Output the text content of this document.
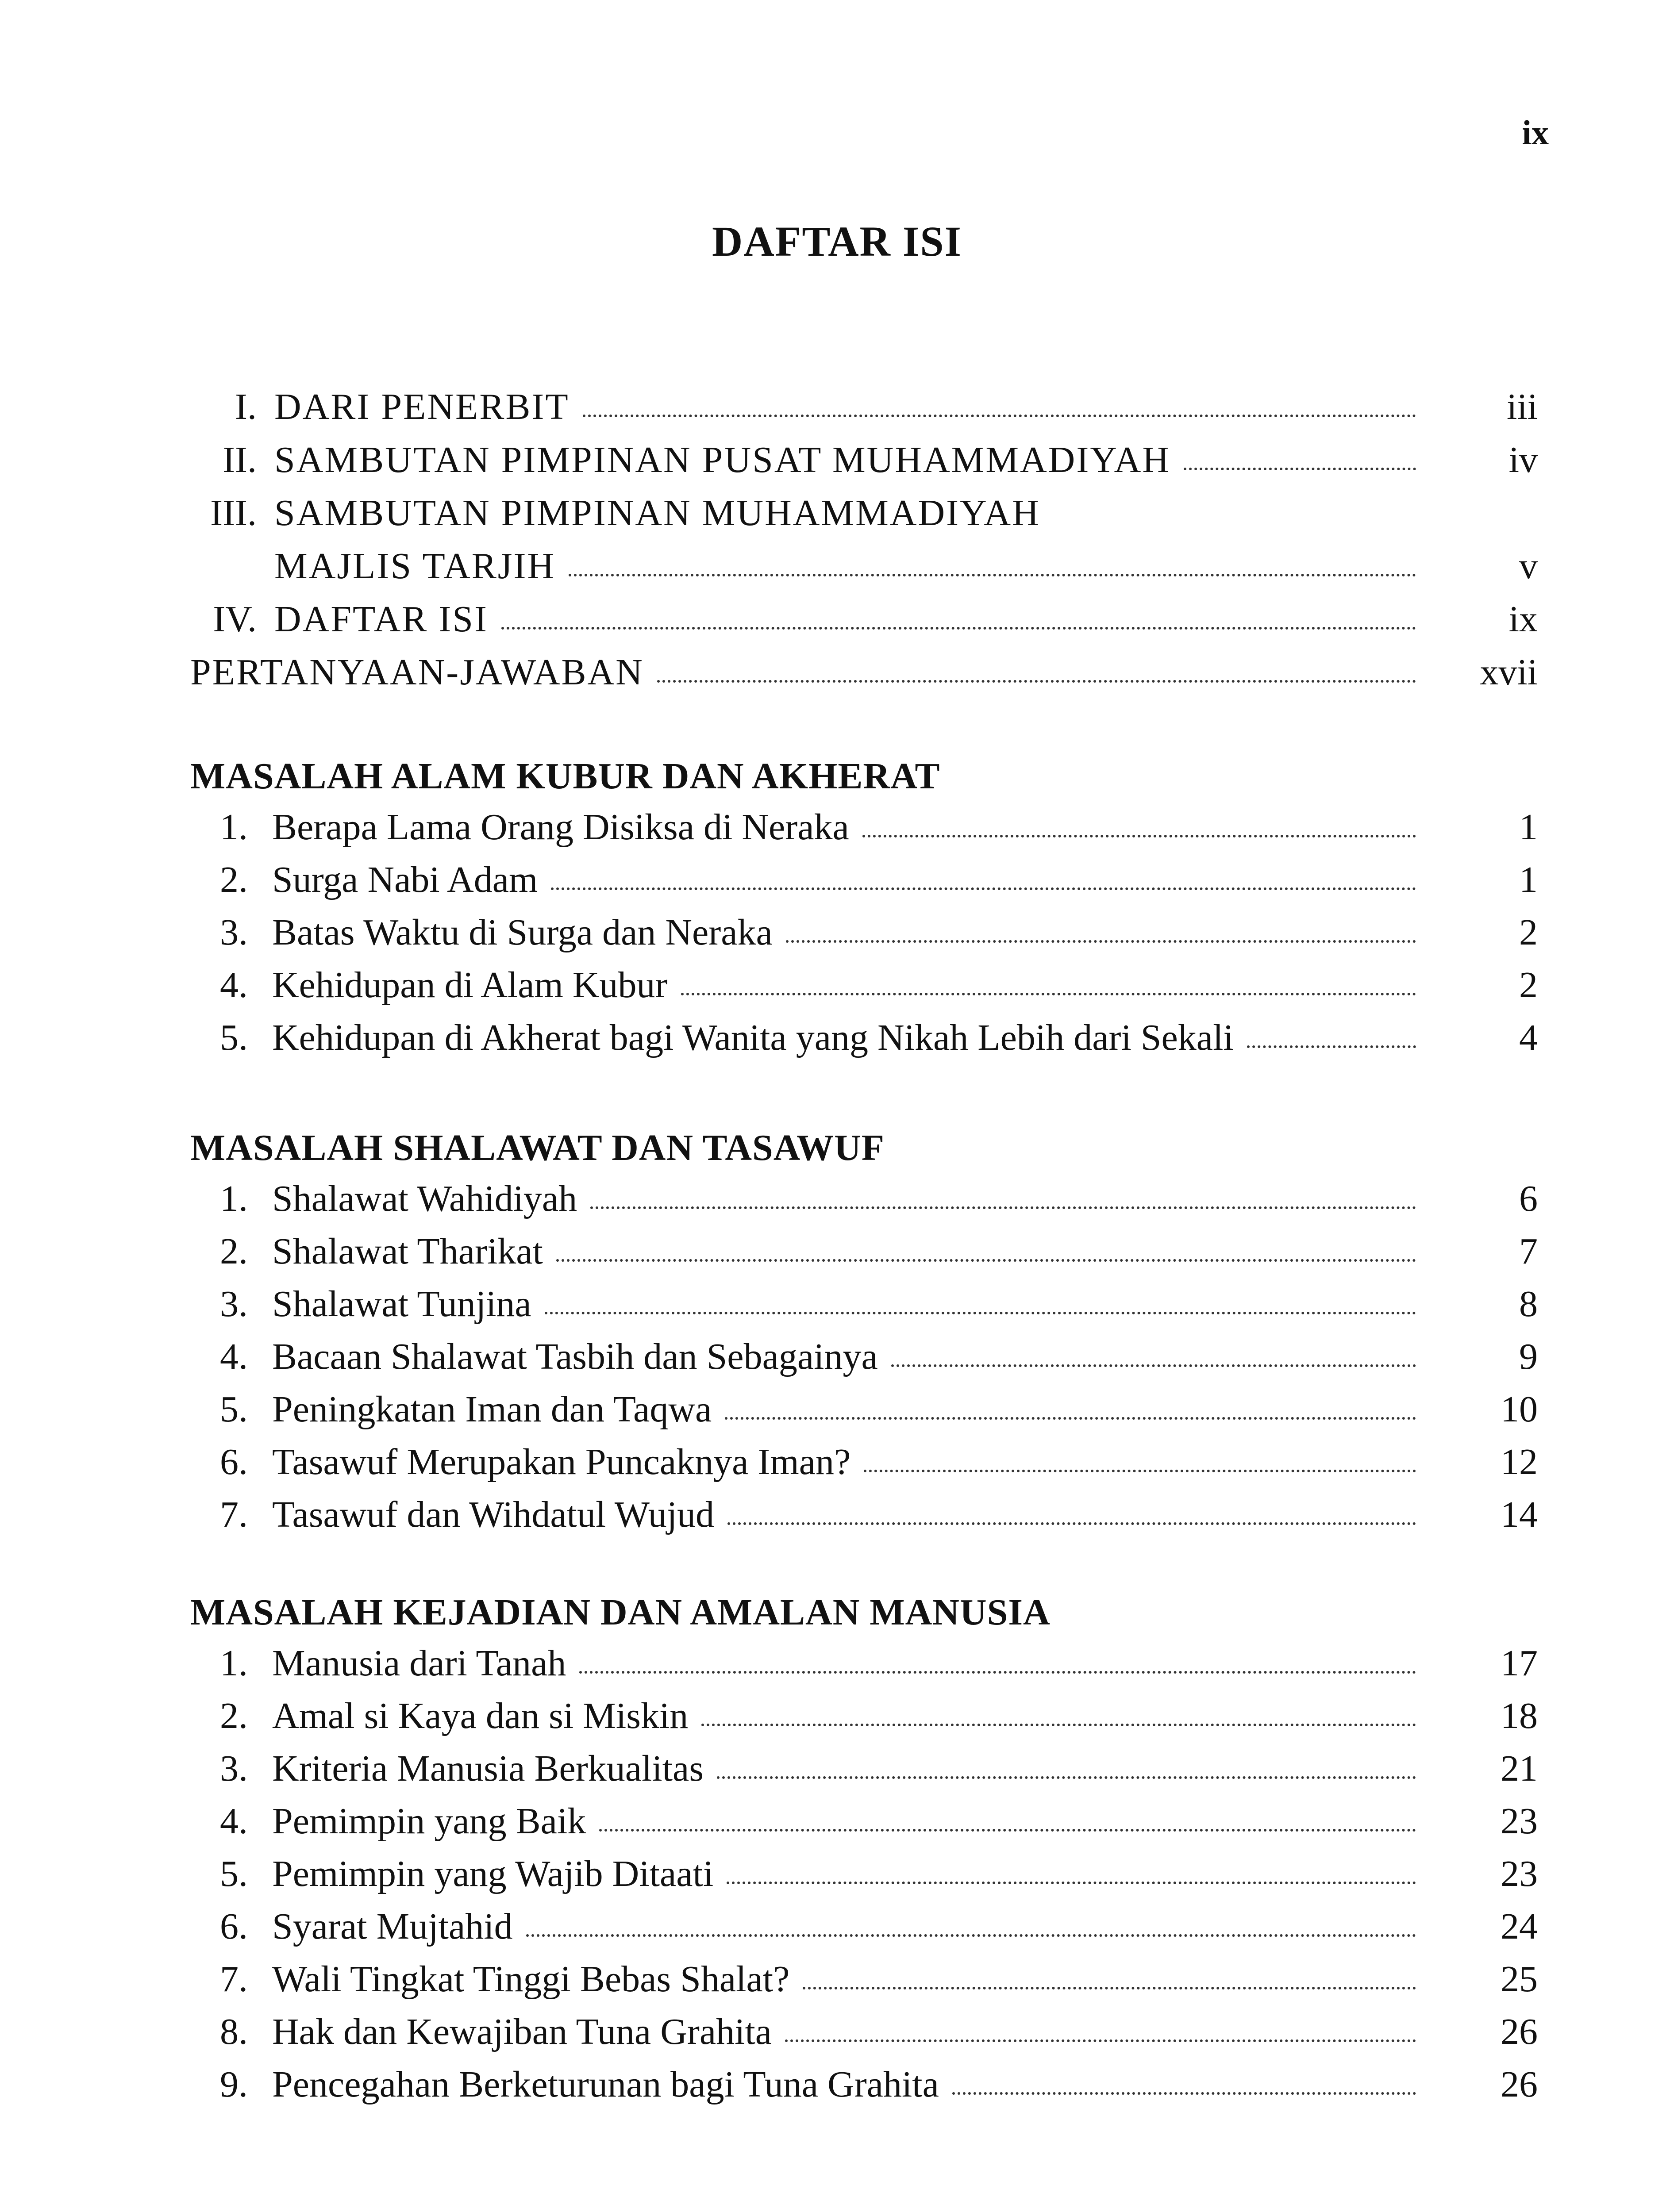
ix
DAFTAR ISI
I. DARI PENERBIT	iii
II. SAMBUTAN PIMPINAN PUSAT MUHAMMADIYAH	iv
III. SAMBUTAN PIMPINAN MUHAMMADIYAH
MAJLIS TARJIH	v
IV. DAFTAR ISI	ix
PERTANYAAN-JAWABAN	xvii
MASALAH ALAM KUBUR DAN AKHERAT
1. Berapa Lama Orang Disiksa di Neraka	1
2. Surga Nabi Adam	1
3. Batas Waktu di Surga dan Neraka	2
4. Kehidupan di Alam Kubur	2
5. Kehidupan di Akherat bagi Wanita yang Nikah Lebih dari Sekali	4
MASALAH SHALAWAT DAN TASAWUF
1. Shalawat Wahidiyah	6
2. Shalawat Tharikat	7
3. Shalawat Tunjina	8
4. Bacaan Shalawat Tasbih dan Sebagainya	9
5. Peningkatan Iman dan Taqwa	10
6. Tasawuf Merupakan Puncaknya Iman?	12
7. Tasawuf dan Wihdatul Wujud	14
MASALAH KEJADIAN DAN AMALAN MANUSIA
1. Manusia dari Tanah	17
2. Amal si Kaya dan si Miskin	18
3. Kriteria Manusia Berkualitas	21
4. Pemimpin yang Baik	23
5. Pemimpin yang Wajib Ditaati	23
6. Syarat Mujtahid	24
7. Wali Tingkat Tinggi Bebas Shalat?	25
8. Hak dan Kewajiban Tuna Grahita	26
9. Pencegahan Berketurunan bagi Tuna Grahita	26
